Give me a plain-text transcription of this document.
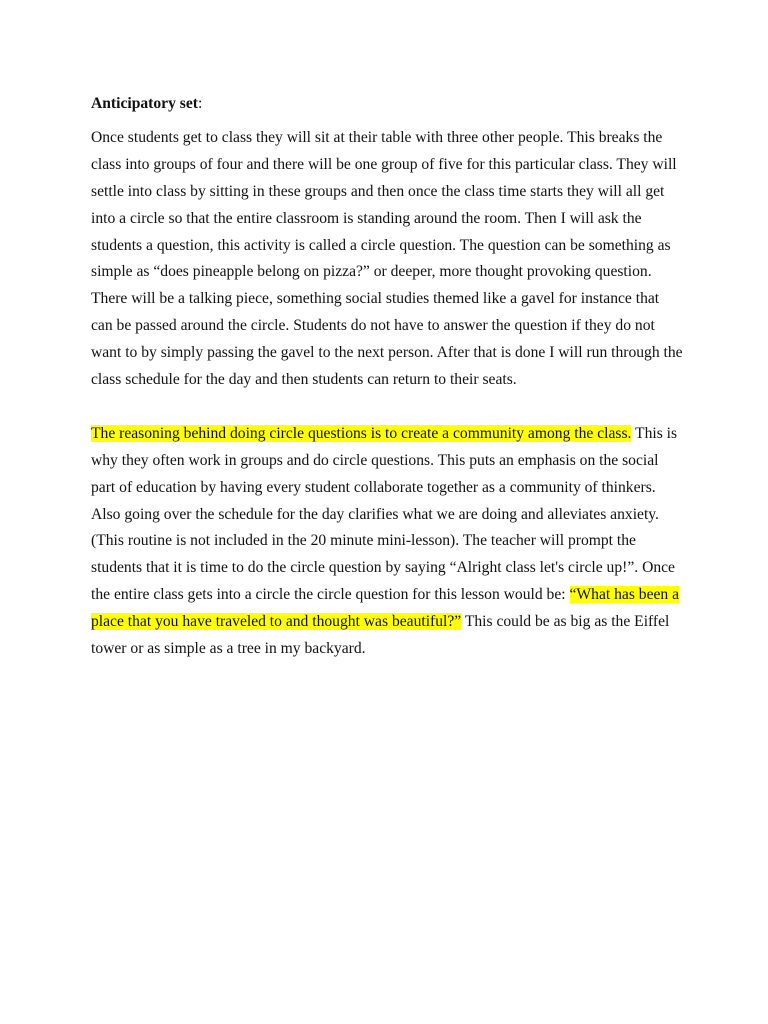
Anticipatory set:

Once students get to class they will sit at their table with three other people. This breaks the class into groups of four and there will be one group of five for this particular class. They will settle into class by sitting in these groups and then once the class time starts they will all get into a circle so that the entire classroom is standing around the room. Then I will ask the students a question, this activity is called a circle question. The question can be something as simple as “does pineapple belong on pizza?” or deeper, more thought provoking question. There will be a talking piece, something social studies themed like a gavel for instance that can be passed around the circle. Students do not have to answer the question if they do not want to by simply passing the gavel to the next person. After that is done I will run through the class schedule for the day and then students can return to their seats.

The reasoning behind doing circle questions is to create a community among the class. This is why they often work in groups and do circle questions. This puts an emphasis on the social part of education by having every student collaborate together as a community of thinkers. Also going over the schedule for the day clarifies what we are doing and alleviates anxiety. (This routine is not included in the 20 minute mini-lesson). The teacher will prompt the students that it is time to do the circle question by saying “Alright class let's circle up!”. Once the entire class gets into a circle the circle question for this lesson would be: “What has been a place that you have traveled to and thought was beautiful?” This could be as big as the Eiffel tower or as simple as a tree in my backyard.
